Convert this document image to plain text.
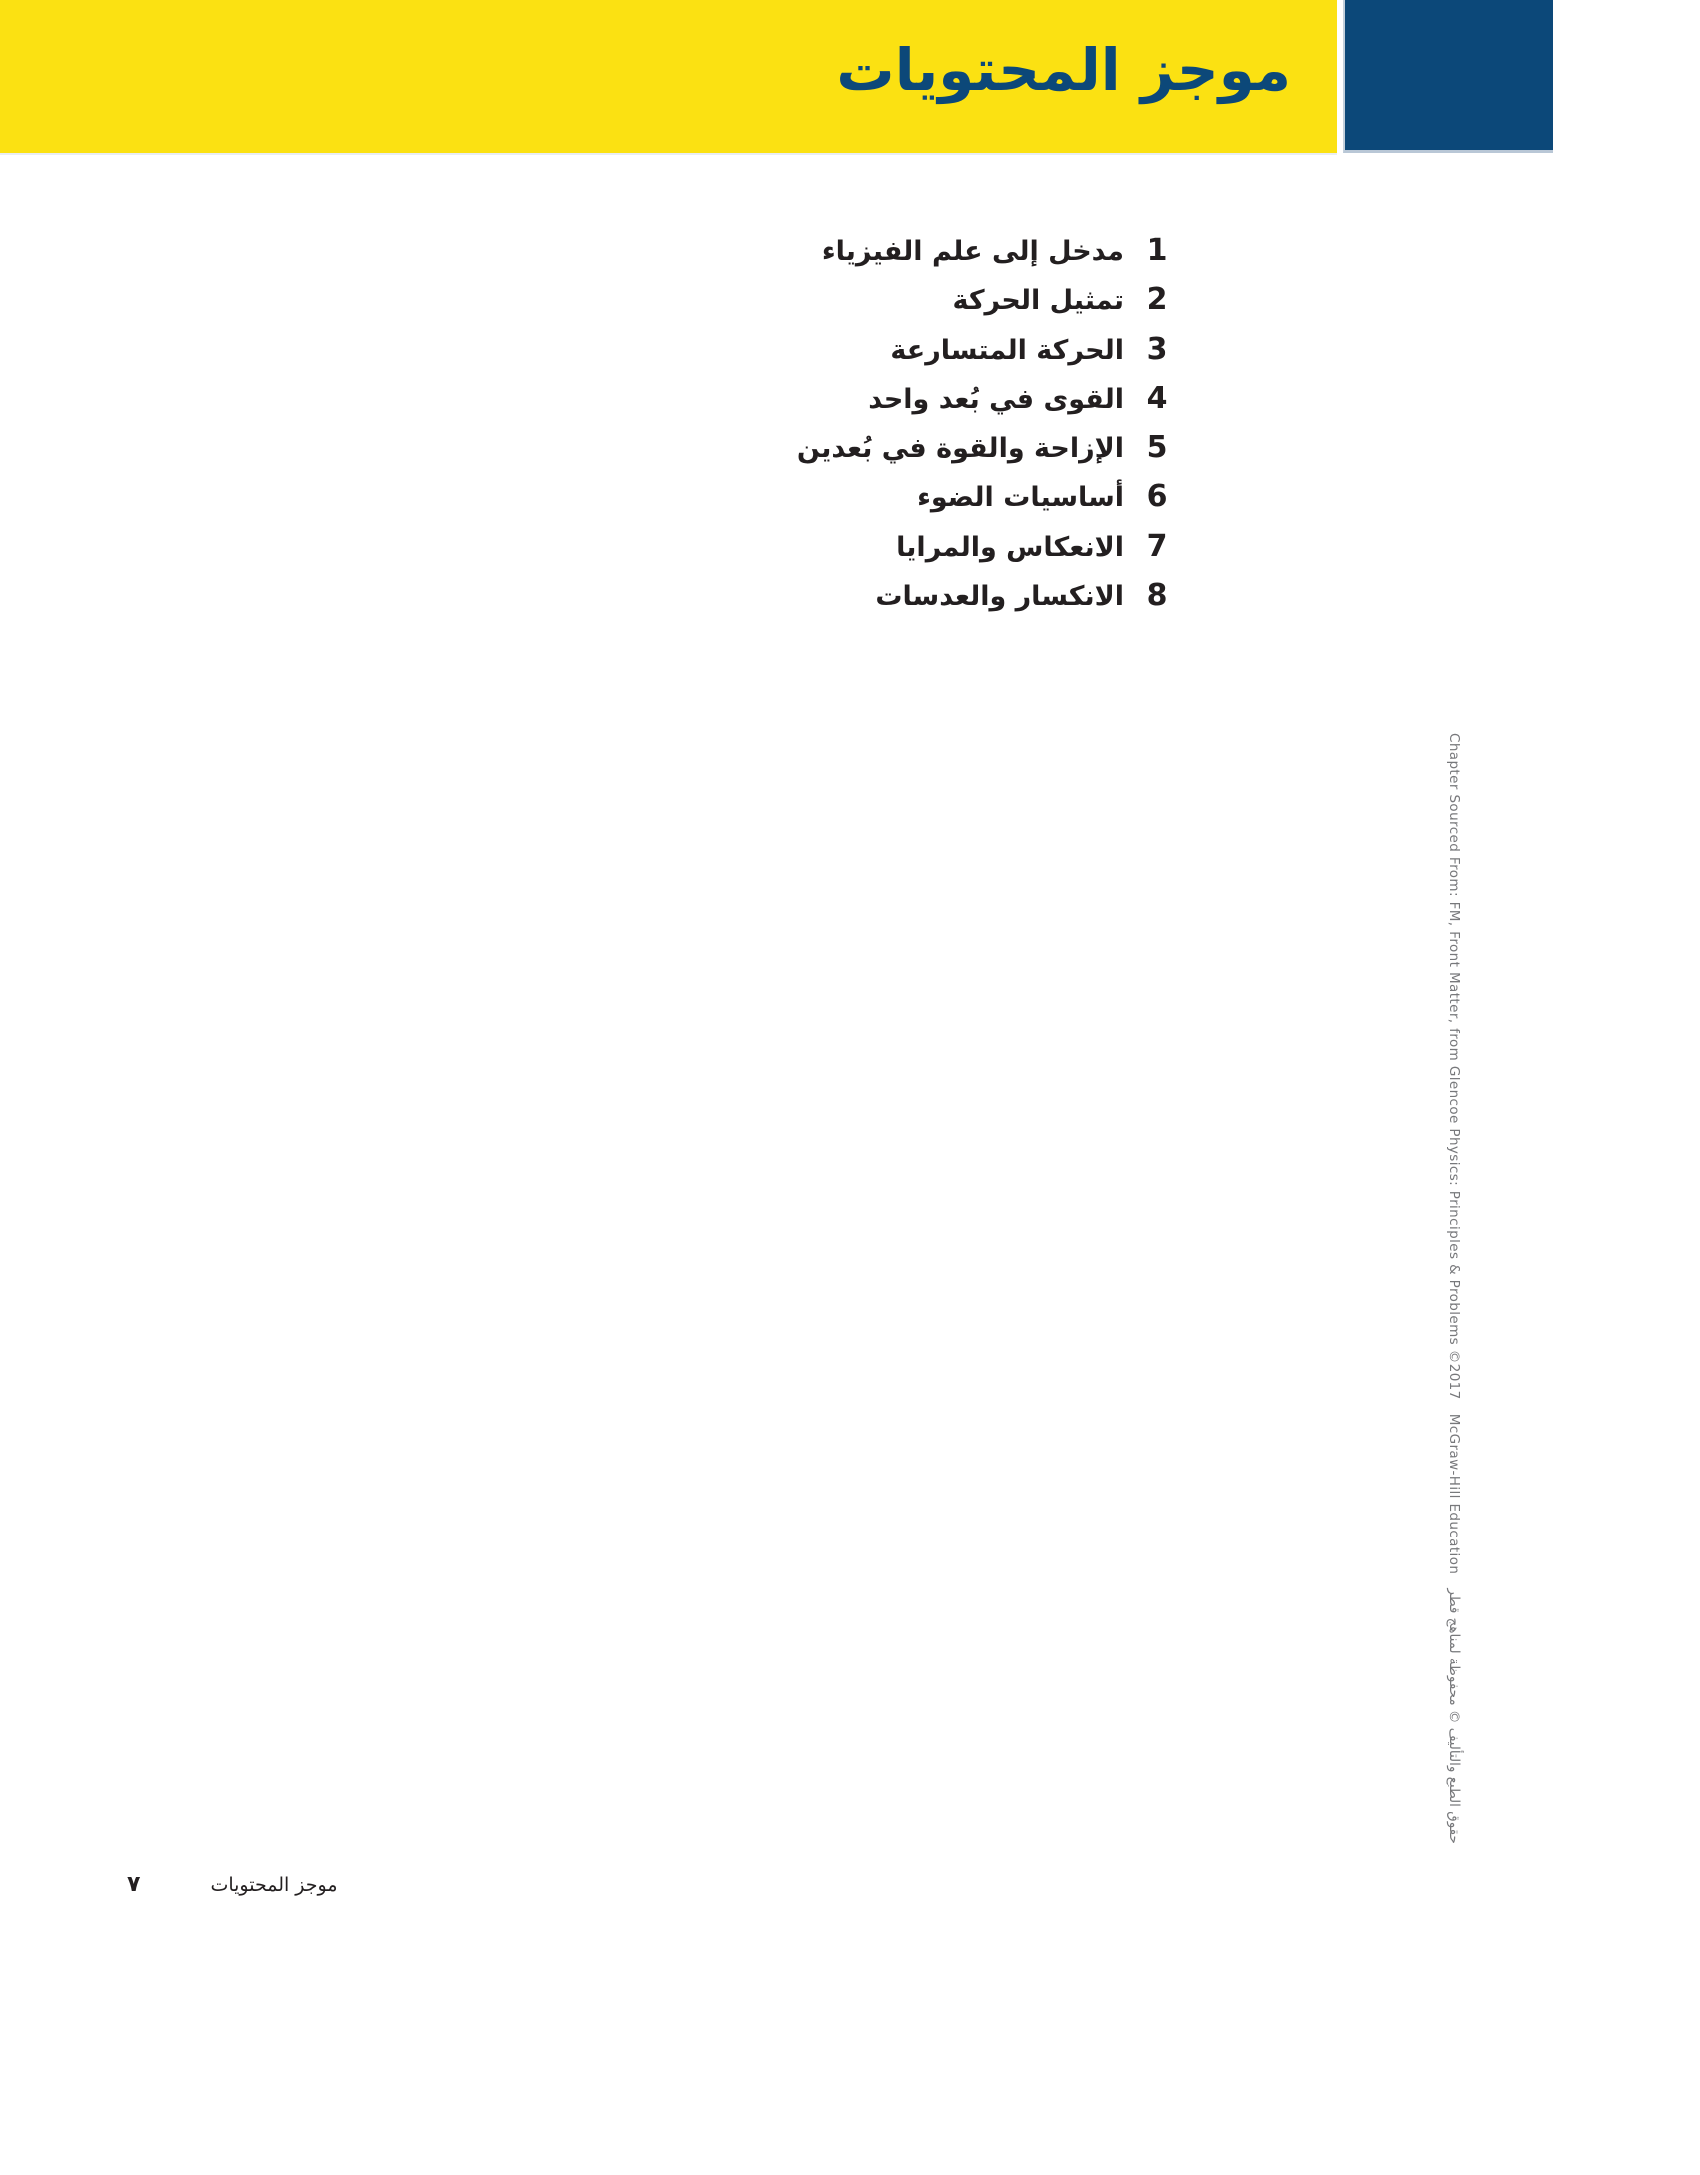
موجز المحتويات
1
مدخل إلى علم الفيزياء
2
تمثيل الحركة
3
الحركة المتسارعة
4
القوى في بُعد واحد
5
الإزاحة والقوة في بُعدين
6
أساسيات الضوء
7
الانعكاس والمرايا
8
الانكسار والعدسات
Chapter Sourced From: FM, Front Matter, from Glencoe Physics: Principles & Problems ©2017   McGraw-Hill Education   حقوق الطبع والتأليف © محفوظة لمناهج قطر
٧	موجز المحتويات
